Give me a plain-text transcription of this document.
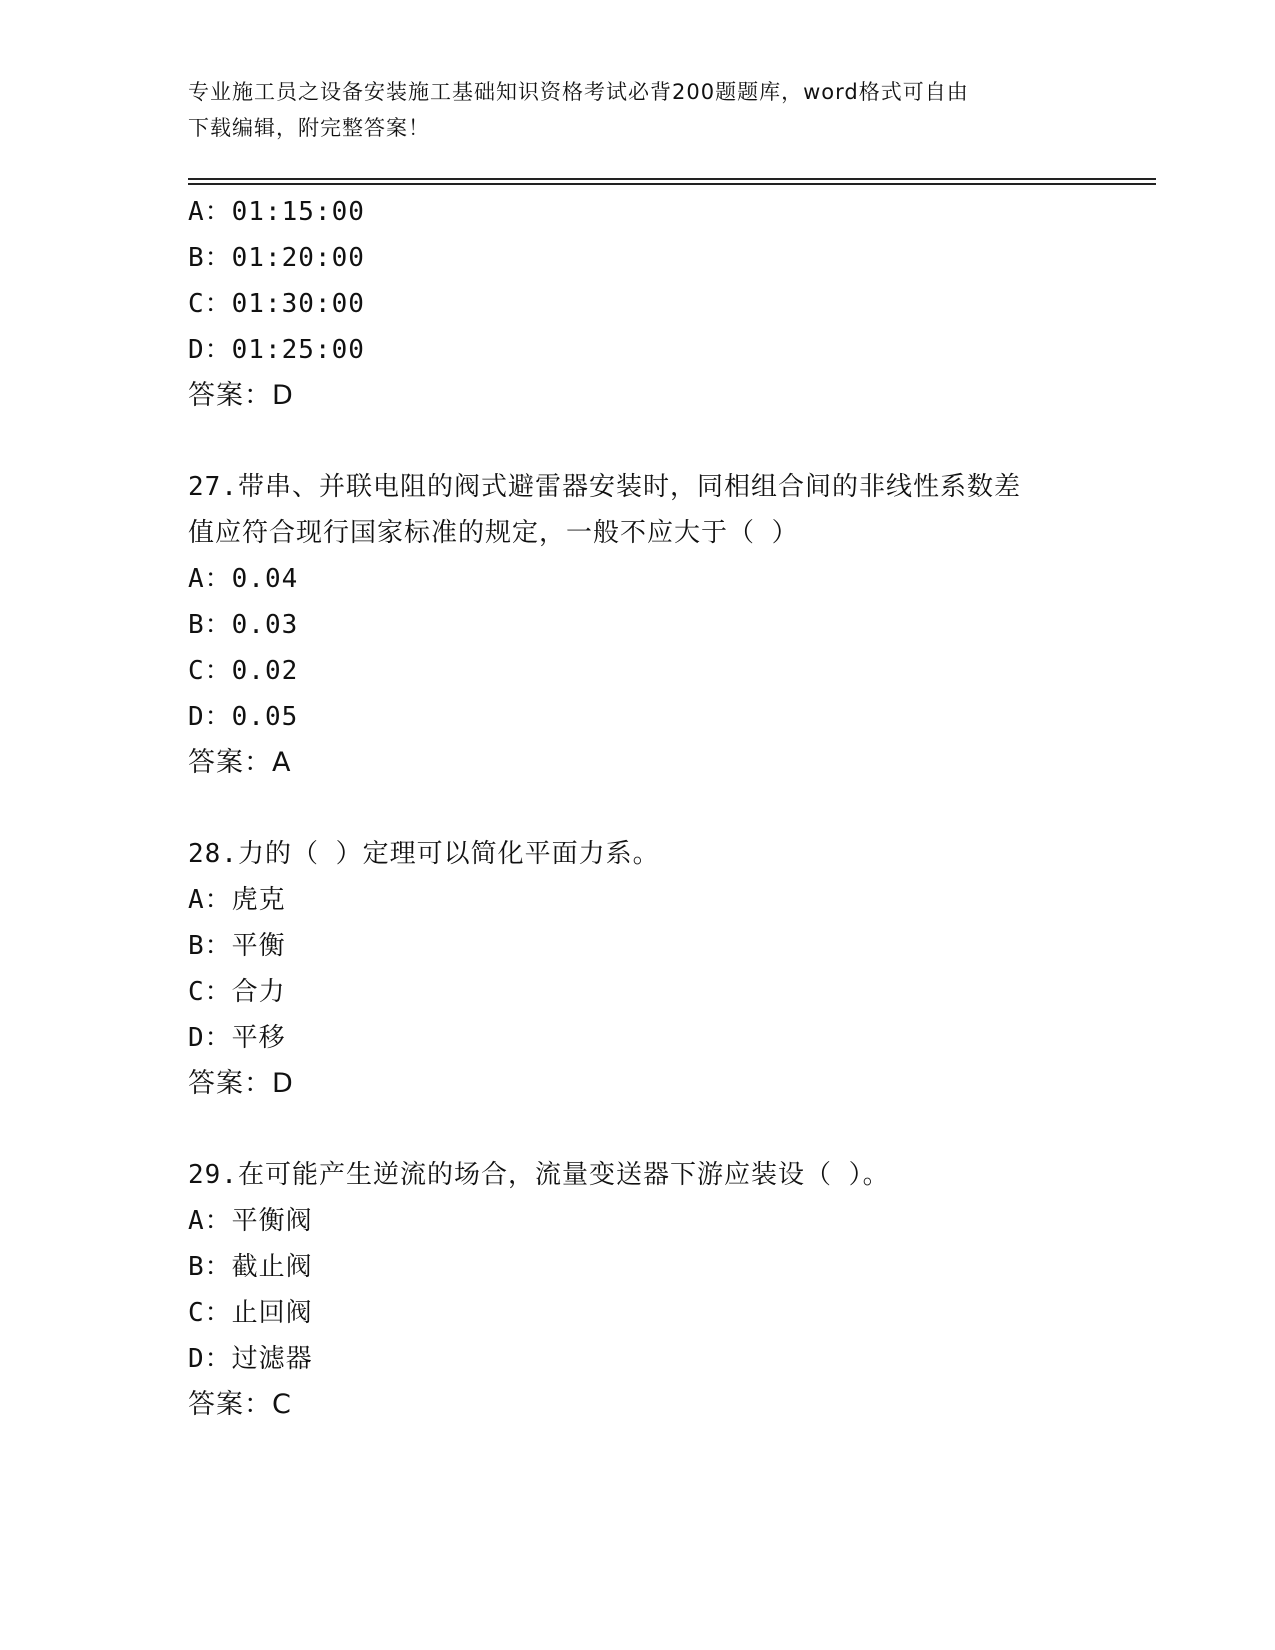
专业施工员之设备安装施工基础知识资格考试必背200题题库，word格式可自由
下载编辑，附完整答案！
A：01:15:00
B：01:20:00
C：01:30:00
D：01:25:00
答案：D
27.带串、并联电阻的阀式避雷器安装时，同相组合间的非线性系数差
值应符合现行国家标准的规定，一般不应大于（ ）
A：0.04
B：0.03
C：0.02
D：0.05
答案：A
28.力的（ ）定理可以简化平面力系。
A：虎克
B：平衡
C：合力
D：平移
答案：D
29.在可能产生逆流的场合，流量变送器下游应装设（ ）。
A：平衡阀
B：截止阀
C：止回阀
D：过滤器
答案：C
